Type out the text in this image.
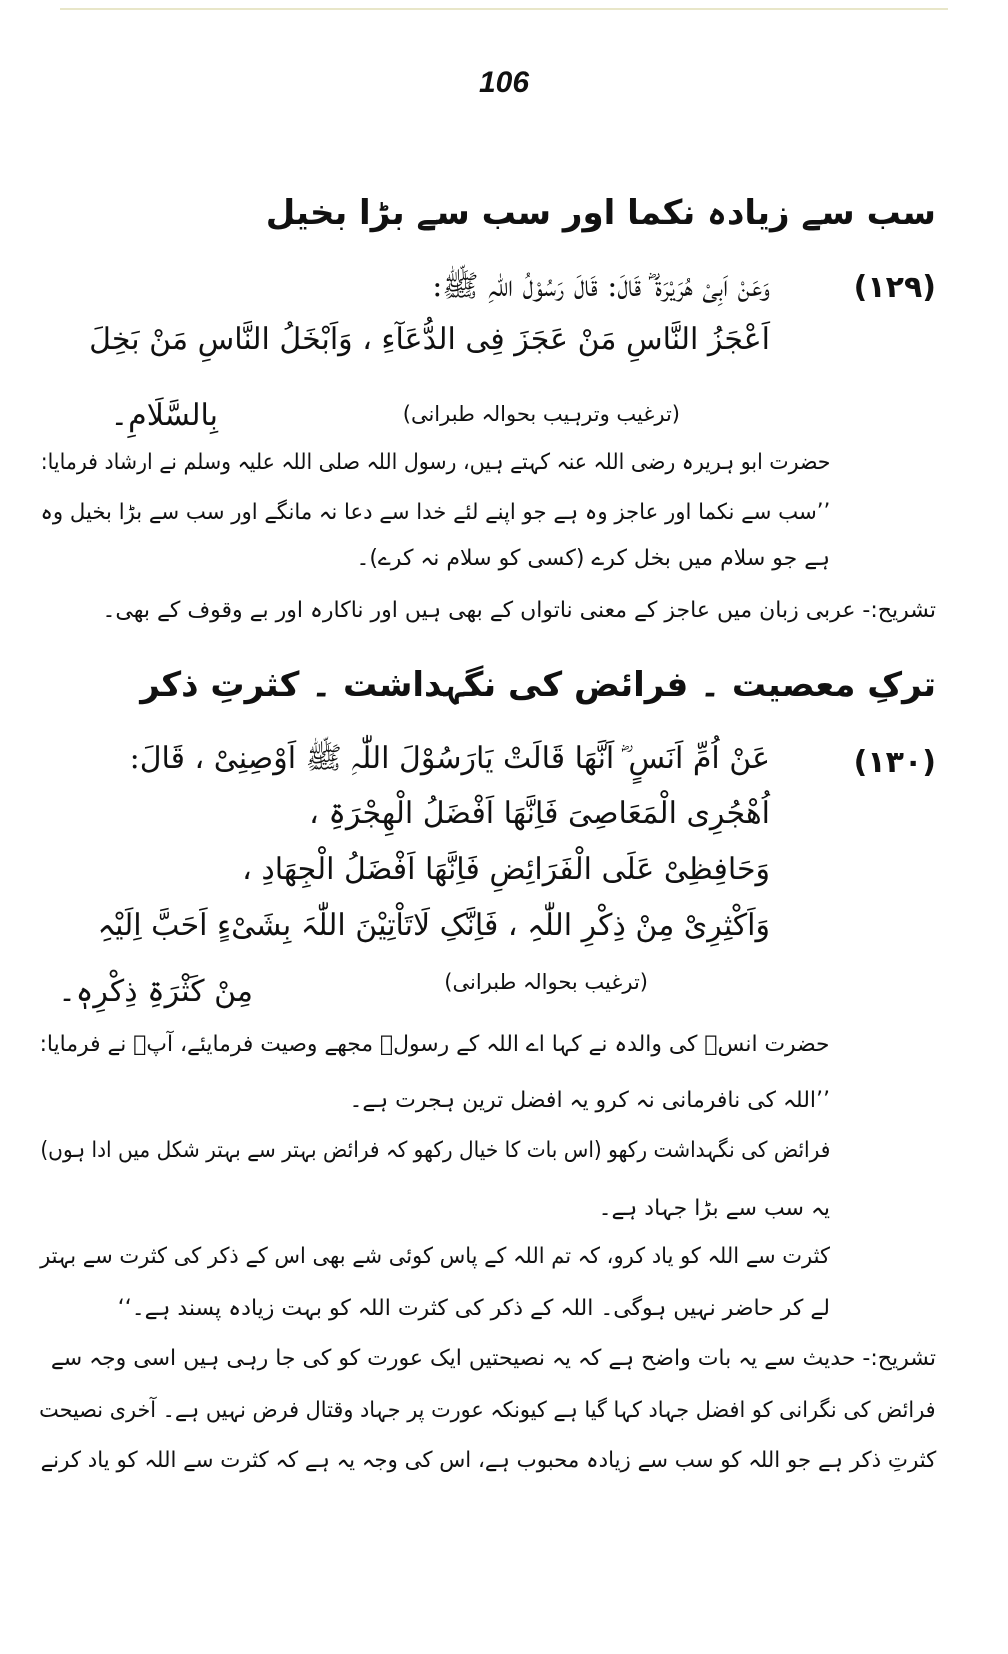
106
سب سے زیادہ نکما اور سب سے بڑا بخیل
(۱۲۹)
وَعَنْ اَبِیْ ھُرَیْرَۃَ ؓ قَالَ: قَالَ رَسُوْلُ اللّٰہِ ﷺ:
اَعْجَزُ النَّاسِ مَنْ عَجَزَ فِی الدُّعَآءِ ، وَاَبْخَلُ النَّاسِ مَنْ بَخِلَ
بِالسَّلَامِ۔	(ترغیب وترہیب بحوالہ طبرانی)
حضرت ابو ہریرہ رضی اللہ عنہ کہتے ہیں، رسول اللہ صلی اللہ علیہ وسلم نے ارشاد فرمایا:
’’سب سے نکما اور عاجز وہ ہے جو اپنے لئے خدا سے دعا نہ مانگے اور سب سے بڑا بخیل وہ
ہے جو سلام میں بخل کرے (کسی کو سلام نہ کرے)۔
تشریح:- عربی زبان میں عاجز کے معنی ناتواں کے بھی ہیں اور ناکارہ اور بے وقوف کے بھی۔
ترکِ معصیت ۔ فرائض کی نگہداشت ۔ کثرتِ ذکر
(۱۳۰)
عَنْ اُمِّ اَنَسٍ ؓ اَنَّھَا قَالَتْ یَارَسُوْلَ اللّٰہِ ﷺ اَوْصِنِیْ ، قَالَ:
اُھْجُرِی الْمَعَاصِیَ فَاِنَّھَا اَفْضَلُ الْھِجْرَۃِ ،
وَحَافِظِیْ عَلَی الْفَرَائِضِ فَاِنَّھَا اَفْضَلُ الْجِھَادِ ،
وَاَکْثِرِیْ مِنْ ذِکْرِ اللّٰہِ ، فَاِنَّکِ لَاتَاْتِیْنَ اللّٰہَ بِشَیْءٍ اَحَبَّ اِلَیْہِ
مِنْ کَثْرَۃِ ذِکْرِہٖ۔	(ترغیب بحوالہ طبرانی)
حضرت انسؓ کی والدہ نے کہا اے اللہ کے رسولؐ مجھے وصیت فرمایئے، آپؐ نے فرمایا:
’’اللہ کی نافرمانی نہ کرو یہ افضل ترین ہجرت ہے۔
فرائض کی نگہداشت رکھو (اس بات کا خیال رکھو کہ فرائض بہتر سے بہتر شکل میں ادا ہوں)
یہ سب سے بڑا جہاد ہے۔
کثرت سے اللہ کو یاد کرو، کہ تم اللہ کے پاس کوئی شے بھی اس کے ذکر کی کثرت سے بہتر
لے کر حاضر نہیں ہوگی۔ اللہ کے ذکر کی کثرت اللہ کو بہت زیادہ پسند ہے۔‘‘
تشریح:- حدیث سے یہ بات واضح ہے کہ یہ نصیحتیں ایک عورت کو کی جا رہی ہیں اسی وجہ سے
فرائض کی نگرانی کو افضل جہاد کہا گیا ہے کیونکہ عورت پر جہاد وقتال فرض نہیں ہے۔ آخری نصیحت
کثرتِ ذکر ہے جو اللہ کو سب سے زیادہ محبوب ہے، اس کی وجہ یہ ہے کہ کثرت سے اللہ کو یاد کرنے
